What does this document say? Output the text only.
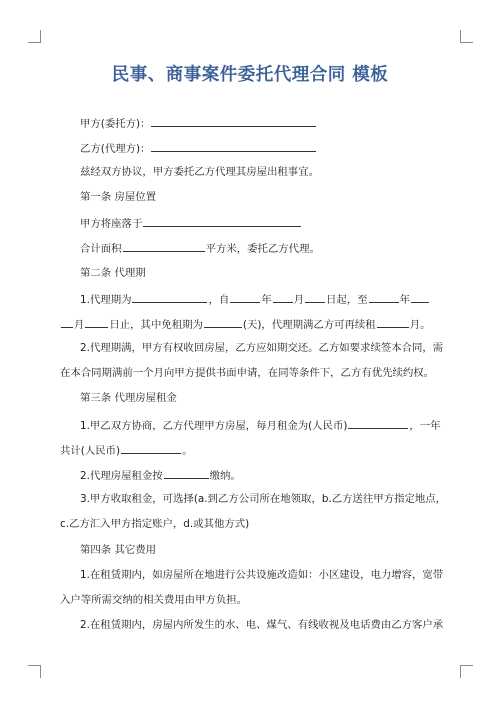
民事、商事案件委托代理合同 模板
甲方(委托方)：
乙方(代理方)：
兹经双方协议，甲方委托乙方代理其房屋出租事宜。
第一条 房屋位置
甲方将座落于
合计面积	平方米，委托乙方代理。
第二条 代理期
1.代理期为	，自	年 月 日起，至	年
月 日止，其中免租期为	(天)，代理期满乙方可再续租	月。
2.代理期满，甲方有权收回房屋，乙方应如期交还。乙方如要求续签本合同，需
在本合同期满前一个月向甲方提供书面申请，在同等条件下，乙方有优先续约权。
第三条 代理房屋租金
1.甲乙双方协商，乙方代理甲方房屋，每月租金为(人民币)	，一年
共计(人民币)	。
2.代理房屋租金按	缴纳。
3.甲方收取租金，可选择(a.到乙方公司所在地领取，b.乙方送往甲方指定地点，
c.乙方汇入甲方指定账户，d.或其他方式)
第四条 其它费用
1.在租赁期内，如房屋所在地进行公共设施改造如：小区建设，电力增容，宽带
入户等所需交纳的相关费用由甲方负担。
2.在租赁期内，房屋内所发生的水、电、煤气、有线收视及电话费由乙方客户承
